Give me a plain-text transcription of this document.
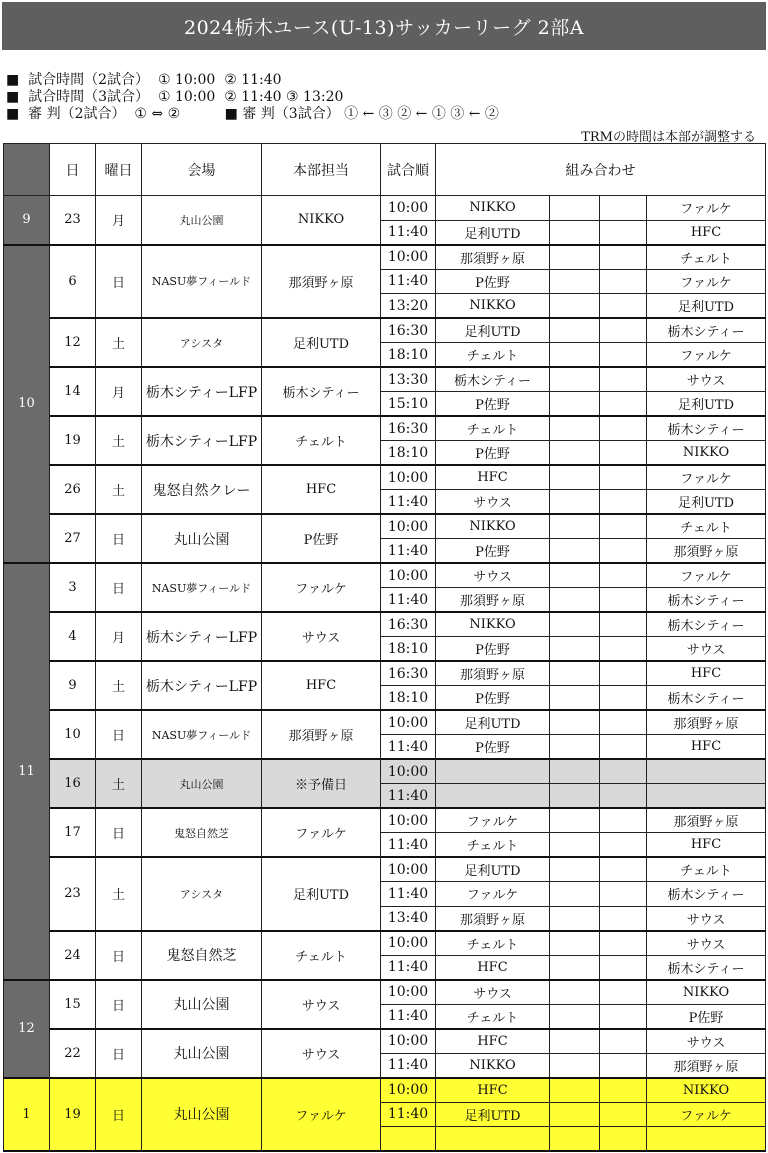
2024栃木ユース(U-13)サッカーリーグ 2部A
■
試合時間（2試合）
① 10:00
② 11:40
■
試合時間（3試合）
① 10:00
② 11:40 ③ 13:20
■
審 判（2試合）
① ⇔ ②
	■ 審 判（3試合） ① ← ③ ② ← ① ③ ← ②
TRMの時間は本部が調整する
	日	曜日	会場	本部担当	試合順	組み合わせ			
9	23	月	丸山公園	NIKKO	10:00	NIKKO			ファルケ
					11:40	足利UTD			HFC
10	6	日	NASU夢フィールド	那須野ヶ原	10:00	那須野ヶ原			チェルト
					11:40	P佐野			ファルケ
					13:20	NIKKO			足利UTD
	12	土	アシスタ	足利UTD	16:30	足利UTD			栃木シティー
					18:10	チェルト			ファルケ
	14	月	栃木シティーLFP	栃木シティー	13:30	栃木シティー			サウス
					15:10	P佐野			足利UTD
	19	土	栃木シティーLFP	チェルト	16:30	チェルト			栃木シティー
					18:10	P佐野			NIKKO
	26	土	鬼怒自然クレー	HFC	10:00	HFC			ファルケ
					11:40	サウス			足利UTD
	27	日	丸山公園	P佐野	10:00	NIKKO			チェルト
					11:40	P佐野			那須野ヶ原
11	3	日	NASU夢フィールド	ファルケ	10:00	サウス			ファルケ
					11:40	那須野ヶ原			栃木シティー
	4	月	栃木シティーLFP	サウス	16:30	NIKKO			栃木シティー
					18:10	P佐野			サウス
	9	土	栃木シティーLFP	HFC	16:30	那須野ヶ原			HFC
					18:10	P佐野			栃木シティー
	10	日	NASU夢フィールド	那須野ヶ原	10:00	足利UTD			那須野ヶ原
					11:40	P佐野			HFC
	16	土	丸山公園	※予備日	10:00				
					11:40				
	17	日	鬼怒自然芝	ファルケ	10:00	ファルケ			那須野ヶ原
					11:40	チェルト			HFC
	23	土	アシスタ	足利UTD	10:00	足利UTD			チェルト
					11:40	ファルケ			栃木シティー
					13:40	那須野ヶ原			サウス
	24	日	鬼怒自然芝	チェルト	10:00	チェルト			サウス
					11:40	HFC			栃木シティー
12	15	日	丸山公園	サウス	10:00	サウス			NIKKO
					11:40	チェルト			P佐野
	22	日	丸山公園	サウス	10:00	HFC			サウス
					11:40	NIKKO			那須野ヶ原
1	19	日	丸山公園	ファルケ	10:00	HFC			NIKKO
					11:40	足利UTD			ファルケ
